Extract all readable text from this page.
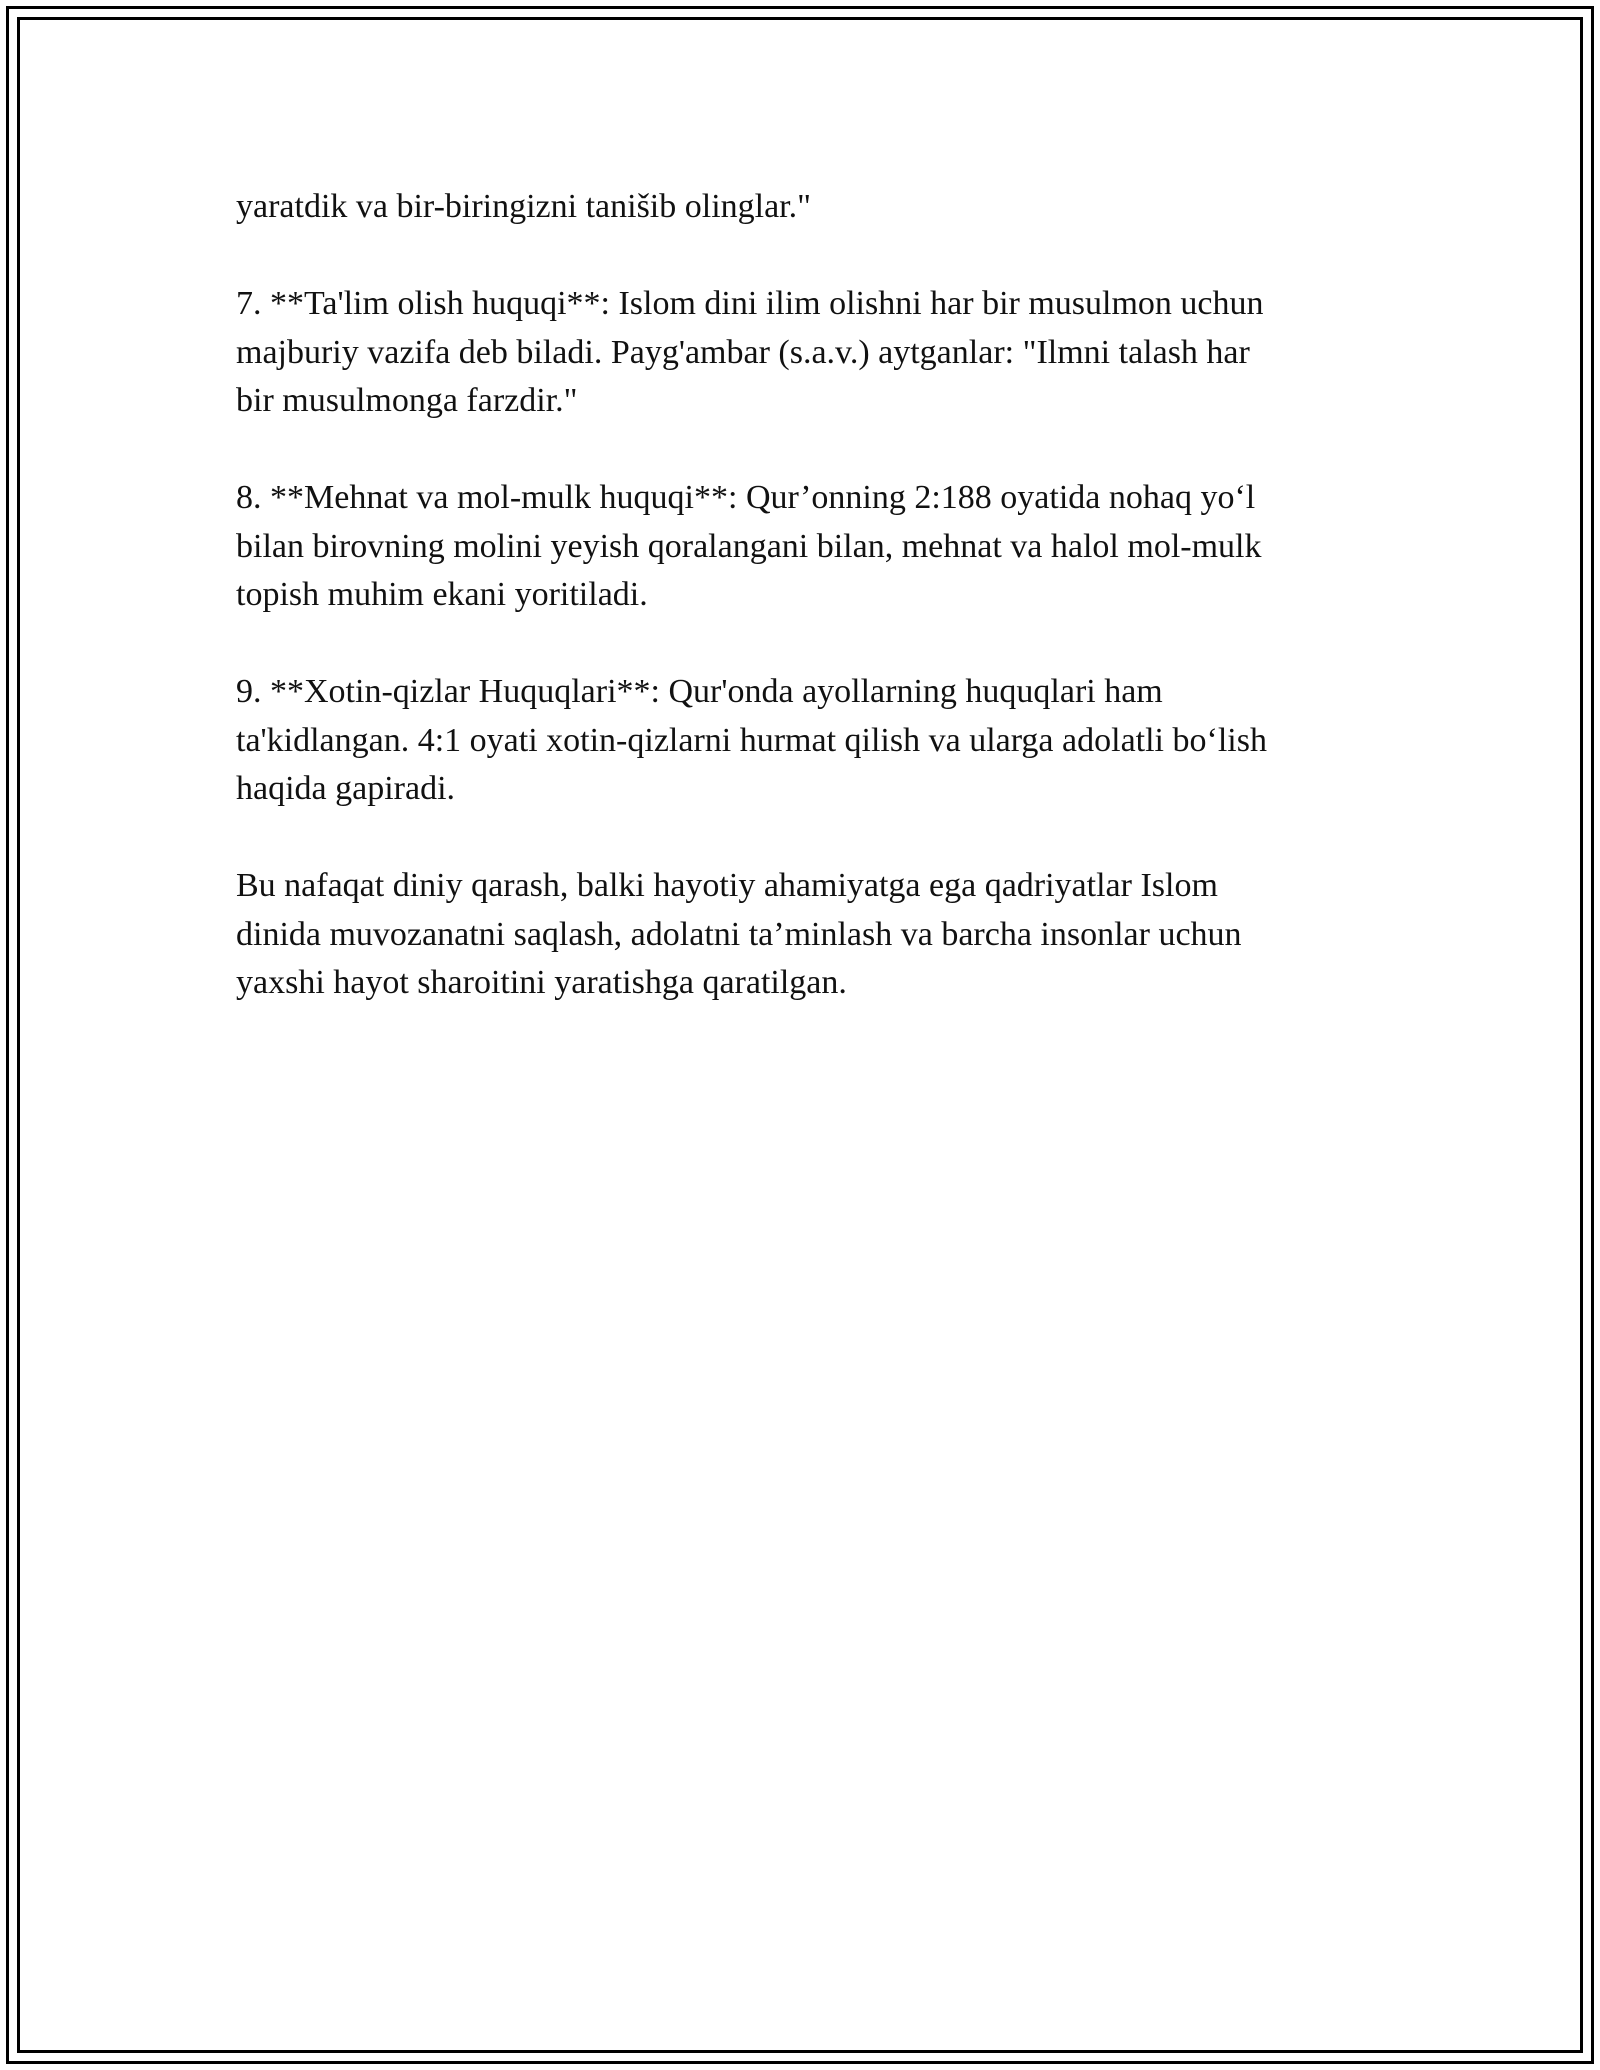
yaratdik va bir-biringizni tanišib olinglar."

7. **Ta'lim olish huquqi**: Islom dini ilim olishni har bir musulmon uchun
majburiy vazifa deb biladi. Payg'ambar (s.a.v.) aytganlar: "Ilmni talash har
bir musulmonga farzdir."

8. **Mehnat va mol-mulk huquqi**: Qur’onning 2:188 oyatida nohaq yo‘l
bilan birovning molini yeyish qoralangani bilan, mehnat va halol mol-mulk
topish muhim ekani yoritiladi.

9. **Xotin-qizlar Huquqlari**: Qur'onda ayollarning huquqlari ham
ta'kidlangan. 4:1 oyati xotin-qizlarni hurmat qilish va ularga adolatli bo‘lish
haqida gapiradi.

Bu nafaqat diniy qarash, balki hayotiy ahamiyatga ega qadriyatlar Islom
dinida muvozanatni saqlash, adolatni ta’minlash va barcha insonlar uchun
yaxshi hayot sharoitini yaratishga qaratilgan.
